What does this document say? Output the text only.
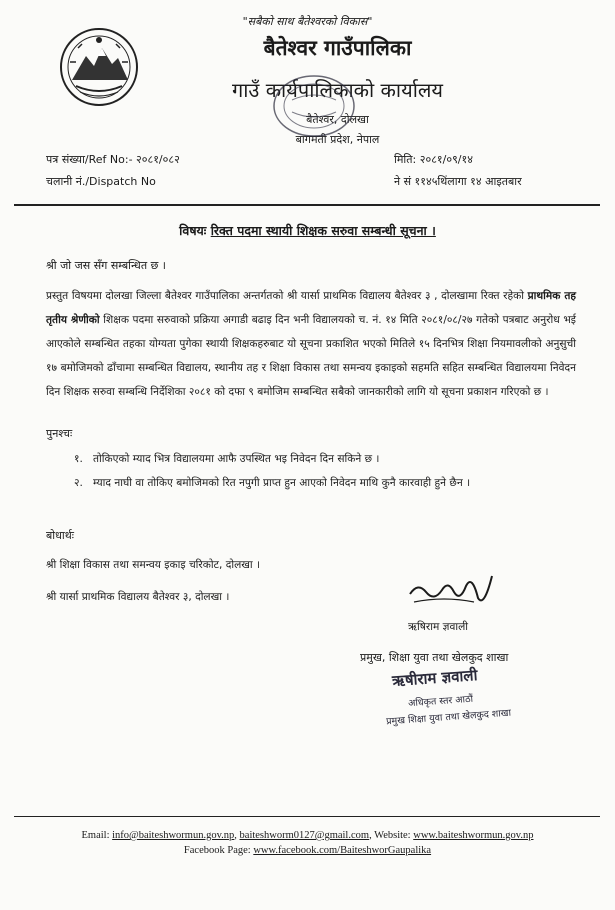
"सबैको साथ बैतेश्वरको विकास"
बैतेश्वर गाउँपालिका
गाउँ कार्यपालिकाको कार्यालय
बैतेश्वर, दोलखा
बागमती प्रदेश, नेपाल
पत्र संख्या/Ref No:- २०८१/०८२
चलानी नं./Dispatch No
मिति: २०८१/०९/१४
ने सं ११४५थिंलागा १४ आइतबार
विषयः रिक्त पदमा स्थायी शिक्षक सरुवा सम्बन्धी सूचना ।
श्री जो जस सँग सम्बन्धित छ ।
प्रस्तुत विषयमा दोलखा जिल्ला बैतेश्वर गाउँपालिका अन्तर्गतको श्री यार्सा प्राथमिक विद्यालय बैतेश्वर ३ , दोलखामा रिक्त रहेको प्राथमिक तह तृतीय श्रेणीको शिक्षक पदमा सरुवाको प्रक्रिया अगाडी बढाइ दिन भनी विद्यालयको च. नं. १४ मिति २०८१/०८/२७ गतेको पत्रबाट अनुरोध भई आएकोले सम्बन्धित तहका योग्यता पुगेका स्थायी शिक्षकहरुबाट यो सूचना प्रकाशित भएको मितिले १५ दिनभित्र शिक्षा नियमावलीको अनुसुची १७ बमोजिमको ढाँचामा सम्बन्धित विद्यालय, स्थानीय तह र शिक्षा विकास तथा समन्वय इकाइको सहमति सहित सम्बन्धित विद्यालयमा निवेदन दिन शिक्षक सरुवा सम्बन्धि निर्देशिका २०८१ को दफा ९ बमोजिम सम्बन्धित सबैको जानकारीको लागि यो सूचना प्रकाशन गरिएको छ ।
पुनश्चः
१. तोकिएको म्याद भित्र विद्यालयमा आफै उपस्थित भइ निवेदन दिन सकिने छ ।
२. म्याद नाघी वा तोकिए बमोजिमको रित नपुगी प्राप्त हुन आएको निवेदन माथि कुनै कारवाही हुने छैन ।
बोधार्थः
श्री शिक्षा विकास तथा समन्वय इकाइ चरिकोट, दोलखा ।
श्री यार्सा प्राथमिक विद्यालय बैतेश्वर ३, दोलखा ।
ऋषिराम ज्ञवाली
प्रमुख, शिक्षा युवा तथा खेलकुद शाखा
ऋषीराम ज्ञवाली
अधिकृत स्तर आठौं
प्रमुख शिक्षा युवा तथा खेलकुद शाखा
Email: info@baiteshwormun.gov.np, baiteshworm0127@gmail.com, Website: www.baiteshwormun.gov.np
Facebook Page: www.facebook.com/BaiteshworGaupalika
